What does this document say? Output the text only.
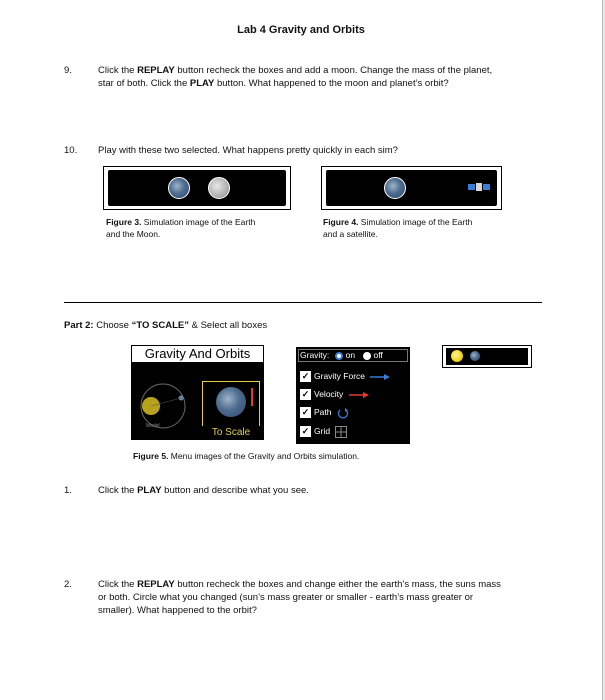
Lab 4 Gravity and Orbits
9.	Click the REPLAY button recheck the boxes and add a moon. Change the mass of the planet,
star of both. Click the PLAY button. What happened to the moon and planet’s orbit?
10. Play with these two selected. What happens pretty quickly in each sim?
Figure 3. Simulation image of the Earth
and the Moon.
Figure 4. Simulation image of the Earth
and a satellite.
Part 2: Choose “TO SCALE” & Select all boxes
Gravity And Orbits
Model
To Scale
Gravity: on off
✓ Gravity Force
✓ Velocity
✓ Path
✓ Grid
Figure 5. Menu images of the Gravity and Orbits simulation.
1.	Click the PLAY button and describe what you see.
2.	Click the REPLAY button recheck the boxes and change either the earth’s mass, the suns mass
or both. Circle what you changed (sun’s mass greater or smaller - earth’s mass greater or
smaller). What happened to the orbit?
